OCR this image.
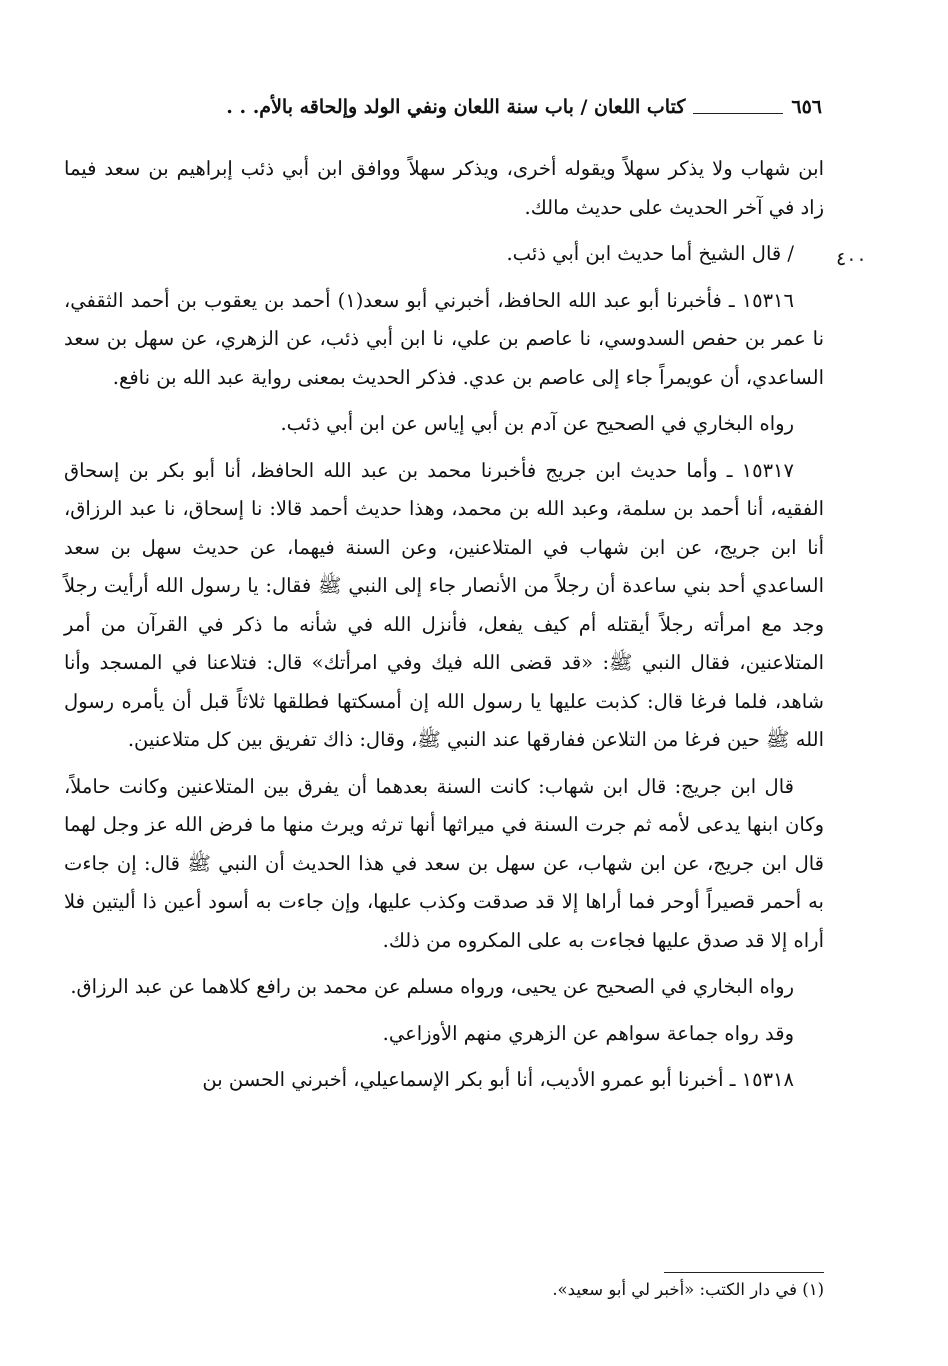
٦٥٦
كتاب اللعان / باب سنة اللعان ونفي الولد وإلحاقه بالأم. . .
٤٠٠

ابن شهاب ولا يذكر سهلاً ويقوله أخرى، ويذكر سهلاً ووافق ابن أبي ذئب إبراهيم بن سعد فيما زاد في آخر الحديث على حديث مالك.

/ قال الشيخ أما حديث ابن أبي ذئب.

١٥٣١٦ ـ فأخبرنا أبو عبد الله الحافظ، أخبرني أبو سعد(١) أحمد بن يعقوب بن أحمد الثقفي، نا عمر بن حفص السدوسي، نا عاصم بن علي، نا ابن أبي ذئب، عن الزهري، عن سهل بن سعد الساعدي، أن عويمراً جاء إلى عاصم بن عدي. فذكر الحديث بمعنى رواية عبد الله بن نافع.

رواه البخاري في الصحيح عن آدم بن أبي إياس عن ابن أبي ذئب.

١٥٣١٧ ـ وأما حديث ابن جريج فأخبرنا محمد بن عبد الله الحافظ، أنا أبو بكر بن إسحاق الفقيه، أنا أحمد بن سلمة، وعبد الله بن محمد، وهذا حديث أحمد قالا: نا إسحاق، نا عبد الرزاق، أنا ابن جريج، عن ابن شهاب في المتلاعنين، وعن السنة فيهما، عن حديث سهل بن سعد الساعدي أحد بني ساعدة أن رجلاً من الأنصار جاء إلى النبي ﷺ فقال: يا رسول الله أرأيت رجلاً وجد مع امرأته رجلاً أيقتله أم كيف يفعل، فأنزل الله في شأنه ما ذكر في القرآن من أمر المتلاعنين، فقال النبي ﷺ: «قد قضى الله فيك وفي امرأتك» قال: فتلاعنا في المسجد وأنا شاهد، فلما فرغا قال: كذبت عليها يا رسول الله إن أمسكتها فطلقها ثلاثاً قبل أن يأمره رسول الله ﷺ حين فرغا من التلاعن ففارقها عند النبي ﷺ، وقال: ذاك تفريق بين كل متلاعنين.

قال ابن جريج: قال ابن شهاب: كانت السنة بعدهما أن يفرق بين المتلاعنين وكانت حاملاً، وكان ابنها يدعى لأمه ثم جرت السنة في ميراثها أنها ترثه ويرث منها ما فرض الله عز وجل لهما قال ابن جريج، عن ابن شهاب، عن سهل بن سعد في هذا الحديث أن النبي ﷺ قال: إن جاءت به أحمر قصيراً أوحر فما أراها إلا قد صدقت وكذب عليها، وإن جاءت به أسود أعين ذا أليتين فلا أراه إلا قد صدق عليها فجاءت به على المكروه من ذلك.

رواه البخاري في الصحيح عن يحيى، ورواه مسلم عن محمد بن رافع كلاهما عن عبد الرزاق.

وقد رواه جماعة سواهم عن الزهري منهم الأوزاعي.

١٥٣١٨ ـ أخبرنا أبو عمرو الأديب، أنا أبو بكر الإسماعيلي، أخبرني الحسن بن

(١) في دار الكتب: «أخبر لي أبو سعيد».
